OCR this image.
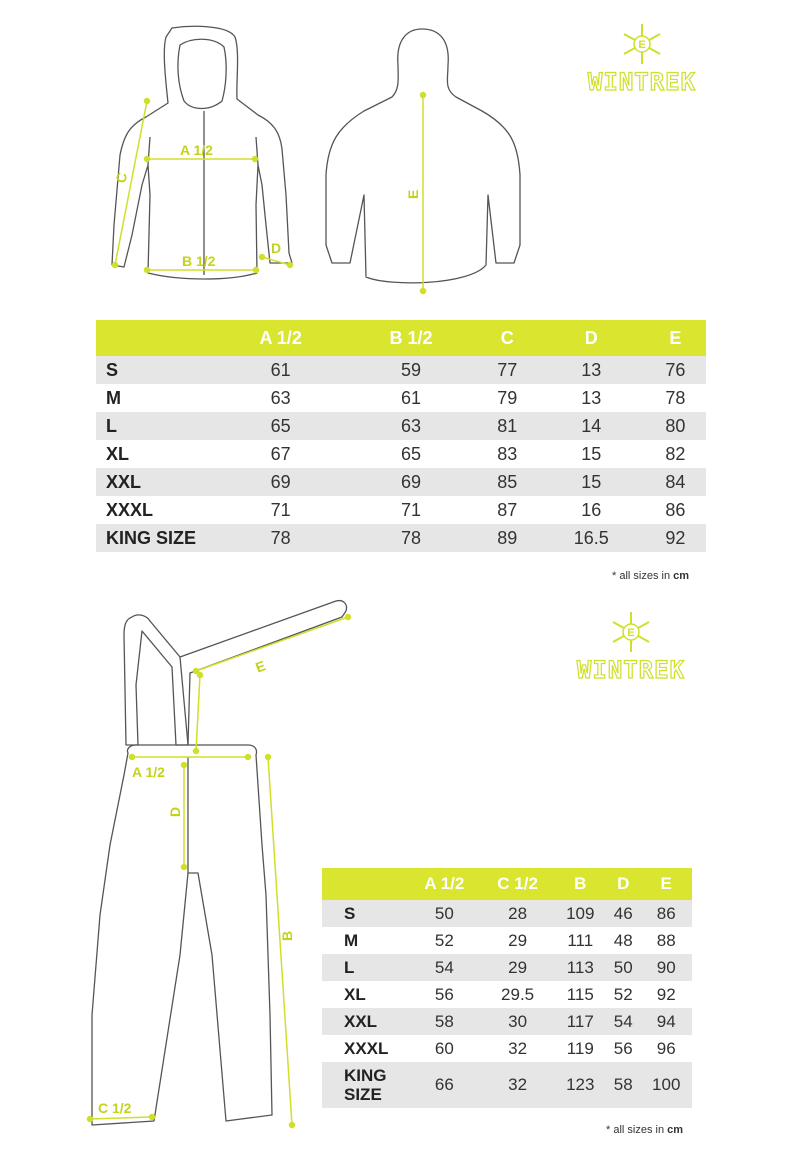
A 1/2
B 1/2
C
D
E
E
WINTREK
	A 1/2	B 1/2	C	D	E
S	61	59	77	13	76
M	63	61	79	13	78
L	65	63	81	14	80
XL	67	65	83	15	82
XXL	69	69	85	15	84
XXXL	71	71	87	16	86
KING SIZE	78	78	89	16.5	92
* all sizes in cm
A 1/2
C 1/2
D
B
E
E
WINTREK
	A 1/2	C 1/2	B	D	E
S	50	28	109	46	86
M	52	29	111	48	88
L	54	29	113	50	90
XL	56	29.5	115	52	92
XXL	58	30	117	54	94
XXXL	60	32	119	56	96
KING
SIZE	66	32	123	58	100
* all sizes in cm
